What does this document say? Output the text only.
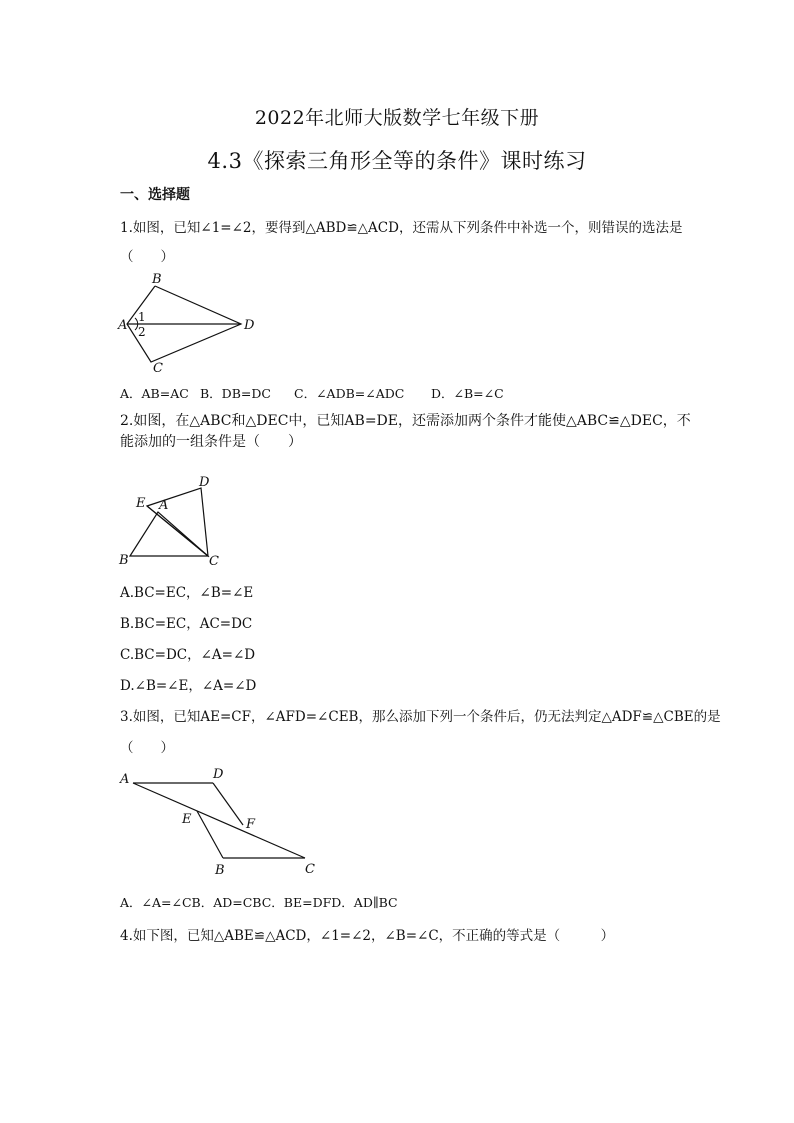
2022年北师大版数学七年级下册
4.3《探索三角形全等的条件》课时练习
一、选择题
1.如图，已知∠1=∠2，要得到△ABD≌△ACD，还需从下列条件中补选一个，则错误的选法是
（　　）
B
A
1
2	D
C
A．AB=AC B．DB=DC C．∠ADB=∠ADC D．∠B=∠C
2.如图，在△ABC和△DEC中，已知AB=DE，还需添加两个条件才能使△ABC≌△DEC，不能添加的一组条件是（　　）
D
E A
B	C
A.BC=EC，∠B=∠E
B.BC=EC，AC=DC
C.BC=DC，∠A=∠D
D.∠B=∠E，∠A=∠D
3.如图，已知AE=CF，∠AFD=∠CEB，那么添加下列一个条件后，仍无法判定△ADF≌△CBE的是
（　　）
A	D
E	F
B	C
A．∠A=∠CB．AD=CBC．BE=DFD．AD∥BC
4.如下图，已知△ABE≌△ACD，∠1=∠2，∠B=∠C，不正确的等式是（　　　）
